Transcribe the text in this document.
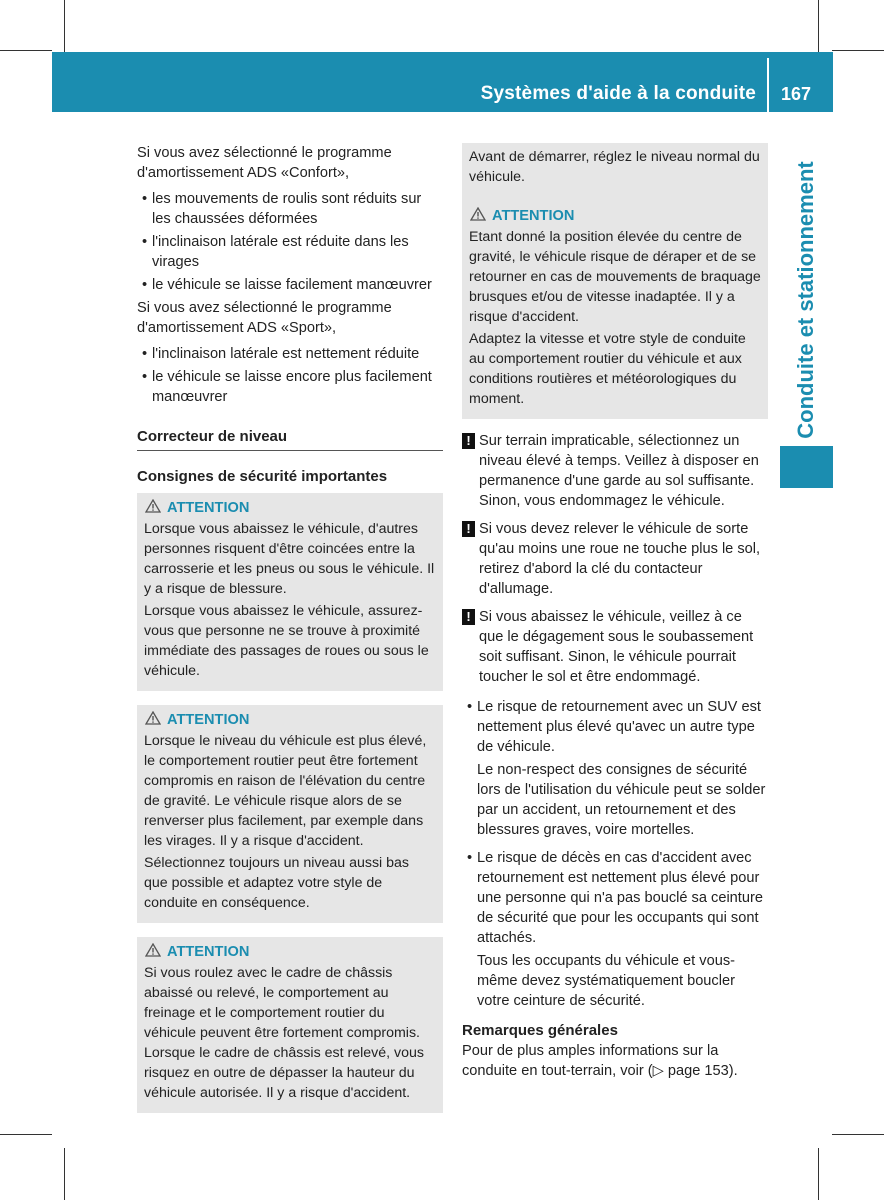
Systèmes d'aide à la conduite	167
Conduite et stationnement

Si vous avez sélectionné le programme d'amortissement ADS «Confort»,

• les mouvements de roulis sont réduits sur les chaussées déformées
• l'inclinaison latérale est réduite dans les virages
• le véhicule se laisse facilement manœuvrer

Si vous avez sélectionné le programme d'amortissement ADS «Sport»,

• l'inclinaison latérale est nettement réduite
• le véhicule se laisse encore plus facilement manœuvrer
Correcteur de niveau
Consignes de sécurité importantes
ATTENTION

Lorsque vous abaissez le véhicule, d'autres personnes risquent d'être coincées entre la carrosserie et les pneus ou sous le véhicule. Il y a risque de blessure.

Lorsque vous abaissez le véhicule, assurez-vous que personne ne se trouve à proximité immédiate des passages de roues ou sous le véhicule.

ATTENTION

Lorsque le niveau du véhicule est plus élevé, le comportement routier peut être fortement compromis en raison de l'élévation du centre de gravité. Le véhicule risque alors de se renverser plus facilement, par exemple dans les virages. Il y a risque d'accident.

Sélectionnez toujours un niveau aussi bas que possible et adaptez votre style de conduite en conséquence.

ATTENTION

Si vous roulez avec le cadre de châssis abaissé ou relevé, le comportement au freinage et le comportement routier du véhicule peuvent être fortement compromis. Lorsque le cadre de châssis est relevé, vous risquez en outre de dépasser la hauteur du véhicule autorisée. Il y a risque d'accident.

Avant de démarrer, réglez le niveau normal du véhicule.

ATTENTION

Etant donné la position élevée du centre de gravité, le véhicule risque de déraper et de se retourner en cas de mouvements de braquage brusques et/ou de vitesse inadaptée. Il y a risque d'accident.

Adaptez la vitesse et votre style de conduite au comportement routier du véhicule et aux conditions routières et météorologiques du moment.

! Sur terrain impraticable, sélectionnez un niveau élevé à temps. Veillez à disposer en permanence d'une garde au sol suffisante. Sinon, vous endommagez le véhicule.
! Si vous devez relever le véhicule de sorte qu'au moins une roue ne touche plus le sol, retirez d'abord la clé du contacteur d'allumage.
! Si vous abaissez le véhicule, veillez à ce que le dégagement sous le soubassement soit suffisant. Sinon, le véhicule pourrait toucher le sol et être endommagé.
• Le risque de retournement avec un SUV est nettement plus élevé qu'avec un autre type de véhicule.
Le non-respect des consignes de sécurité lors de l'utilisation du véhicule peut se solder par un accident, un retournement et des blessures graves, voire mortelles.
• Le risque de décès en cas d'accident avec retournement est nettement plus élevé pour une personne qui n'a pas bouclé sa ceinture de sécurité que pour les occupants qui sont attachés.
Tous les occupants du véhicule et vous-même devez systématiquement boucler votre ceinture de sécurité.
Remarques générales

Pour de plus amples informations sur la conduite en tout-terrain, voir (▷ page 153).
